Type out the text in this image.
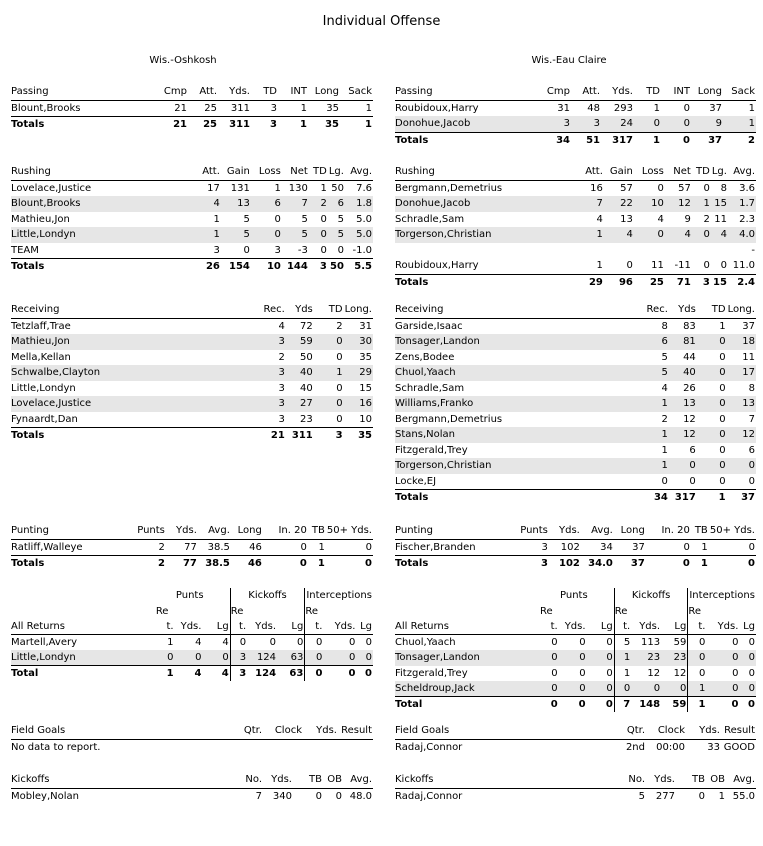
Individual Offense
Wis.-Oshkosh	Wis.-Eau Claire
Passing	Cmp	Att.	Yds.	TD	INT	Long	Sack
Blount,Brooks	21	25	311	3	1	35	1
Totals	21	25	311	3	1	35	1
Passing	Cmp	Att.	Yds.	TD	INT	Long	Sack
Roubidoux,Harry	31	48	293	1	0	37	1
Donohue,Jacob	3	3	24	0	0	9	1
Totals	34	51	317	1	0	37	2
Rushing	Att.	Gain	Loss	Net	TD	Lg.	Avg.
Lovelace,Justice	17	131	1	130	1	50	7.6
Blount,Brooks	4	13	6	7	2	6	1.8
Mathieu,Jon	1	5	0	5	0	5	5.0
Little,Londyn	1	5	0	5	0	5	5.0
TEAM	3	0	3	-3	0	0	-1.0
Totals	26	154	10	144	3	50	5.5
Rushing	Att.	Gain	Loss	Net	TD	Lg.	Avg.
Bergmann,Demetrius	16	57	0	57	0	8	3.6
Donohue,Jacob	7	22	10	12	1	15	1.7
Schradle,Sam	4	13	4	9	2	11	2.3
Torgerson,Christian	1	4	0	4	0	4	4.0
							-
Roubidoux,Harry	1	0	11	-11	0	0	11.0
Totals	29	96	25	71	3	15	2.4
Receiving	Rec.	Yds	TD	Long.
Tetzlaff,Trae	4	72	2	31
Mathieu,Jon	3	59	0	30
Mella,Kellan	2	50	0	35
Schwalbe,Clayton	3	40	1	29
Little,Londyn	3	40	0	15
Lovelace,Justice	3	27	0	16
Fynaardt,Dan	3	23	0	10
Totals	21	311	3	35
Receiving	Rec.	Yds	TD	Long.
Garside,Isaac	8	83	1	37
Tonsager,Landon	6	81	0	18
Zens,Bodee	5	44	0	11
Chuol,Yaach	5	40	0	17
Schradle,Sam	4	26	0	8
Williams,Franko	1	13	0	13
Bergmann,Demetrius	2	12	0	7
Stans,Nolan	1	12	0	12
Fitzgerald,Trey	1	6	0	6
Torgerson,Christian	1	0	0	0
Locke,EJ	0	0	0	0
Totals	34	317	1	37
Punting	Punts	Yds.	Avg.	Long	In. 20	TB	50+ Yds.
Ratliff,Walleye	2	77	38.5	46	0	1	0
Totals	2	77	38.5	46	0	1	0
Punting	Punts	Yds.	Avg.	Long	In. 20	TB	50+ Yds.
Fischer,Branden	3	102	34	37	0	1	0
Totals	3	102	34.0	37	0	1	0
	Punts			Kickoffs			Interceptions		
	Re			Re			Re		
All Returns	t.	Yds.	Lg	t.	Yds.	Lg	t.	Yds.	Lg
Martell,Avery	1	4	4	0	0	0	0	0	0
Little,Londyn	0	0	0	3	124	63	0	0	0
Total	1	4	4	3	124	63	0	0	0
	Punts			Kickoffs			Interceptions		
	Re			Re			Re		
All Returns	t.	Yds.	Lg	t.	Yds.	Lg	t.	Yds.	Lg
Chuol,Yaach	0	0	0	5	113	59	0	0	0
Tonsager,Landon	0	0	0	1	23	23	0	0	0
Fitzgerald,Trey	0	0	0	1	12	12	0	0	0
Scheldroup,Jack	0	0	0	0	0	0	1	0	0
Total	0	0	0	7	148	59	1	0	0
Field Goals	Qtr.	Clock	Yds.	Result
No data to report.
Field Goals	Qtr.	Clock	Yds.	Result
Radaj,Connor	2nd	00:00	33	GOOD
Kickoffs	No.	Yds.	TB	OB	Avg.
Mobley,Nolan	7	340	0	0	48.0
Kickoffs	No.	Yds.	TB	OB	Avg.
Radaj,Connor	5	277	0	1	55.0
